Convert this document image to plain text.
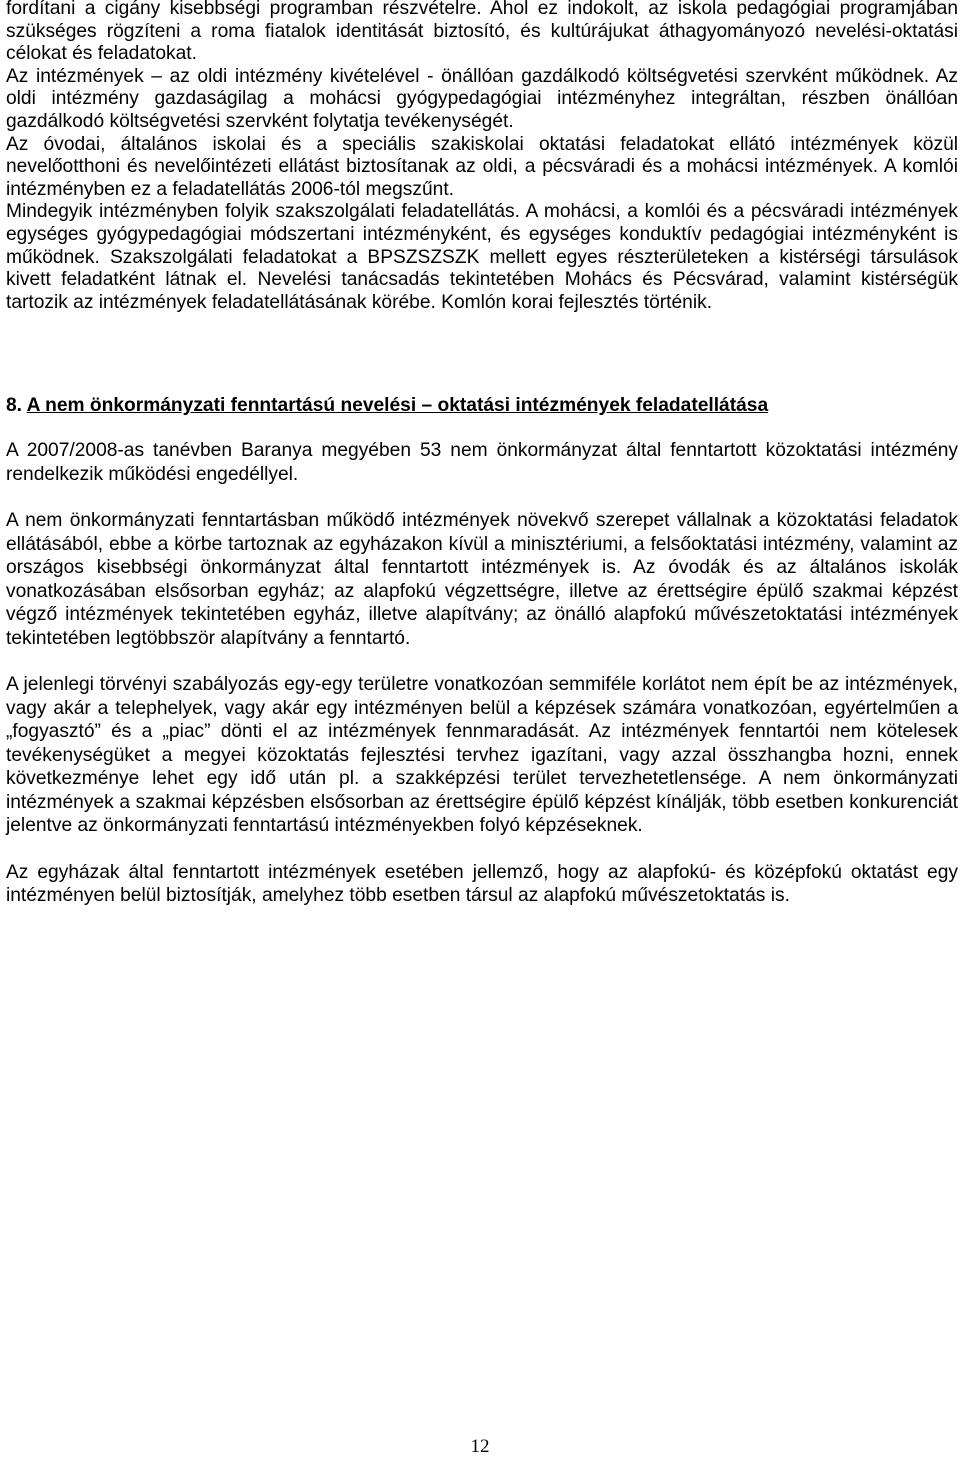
fordítani a cigány kisebbségi programban részvételre. Ahol ez indokolt, az iskola pedagógiai programjában szükséges rögzíteni a roma fiatalok identitását biztosító, és kultúrájukat áthagyományozó nevelési-oktatási célokat és feladatokat.

Az intézmények – az oldi intézmény kivételével - önállóan gazdálkodó költségvetési szervként működnek. Az oldi intézmény gazdaságilag a mohácsi gyógypedagógiai intézményhez integráltan, részben önállóan gazdálkodó költségvetési szervként folytatja tevékenységét.

Az óvodai, általános iskolai és a speciális szakiskolai oktatási feladatokat ellátó intézmények közül nevelőotthoni és nevelőintézeti ellátást biztosítanak az oldi, a pécsváradi és a mohácsi intézmények. A komlói intézményben ez a feladatellátás 2006-tól megszűnt.

Mindegyik intézményben folyik szakszolgálati feladatellátás. A mohácsi, a komlói és a pécsváradi intézmények egységes gyógypedagógiai módszertani intézményként, és egységes konduktív pedagógiai intézményként is működnek. Szakszolgálati feladatokat a BPSZSZSZK mellett egyes részterületeken a kistérségi társulások kivett feladatként látnak el. Nevelési tanácsadás tekintetében Mohács és Pécsvárad, valamint kistérségük tartozik az intézmények feladatellátásának körébe. Komlón korai fejlesztés történik.

8. A nem önkormányzati fenntartású nevelési – oktatási intézmények feladatellátása

A 2007/2008-as tanévben Baranya megyében 53 nem önkormányzat által fenntartott közoktatási intézmény rendelkezik működési engedéllyel.

A nem önkormányzati fenntartásban működő intézmények növekvő szerepet vállalnak a közoktatási feladatok ellátásából, ebbe a körbe tartoznak az egyházakon kívül a minisztériumi, a felsőoktatási intézmény, valamint az országos kisebbségi önkormányzat által fenntartott intézmények is. Az óvodák és az általános iskolák vonatkozásában elsősorban egyház; az alapfokú végzettségre, illetve az érettségire épülő szakmai képzést végző intézmények tekintetében egyház, illetve alapítvány; az önálló alapfokú művészetoktatási intézmények tekintetében legtöbbször alapítvány a fenntartó.

A jelenlegi törvényi szabályozás egy-egy területre vonatkozóan semmiféle korlátot nem épít be az intézmények, vagy akár a telephelyek, vagy akár egy intézményen belül a képzések számára vonatkozóan, egyértelműen a „fogyasztó” és a „piac” dönti el az intézmények fennmaradását. Az intézmények fenntartói nem kötelesek tevékenységüket a megyei közoktatás fejlesztési tervhez igazítani, vagy azzal összhangba hozni, ennek következménye lehet egy idő után pl. a szakképzési terület tervezhetetlensége. A nem önkormányzati intézmények a szakmai képzésben elsősorban az érettségire épülő képzést kínálják, több esetben konkurenciát jelentve az önkormányzati fenntartású intézményekben folyó képzéseknek.

Az egyházak által fenntartott intézmények esetében jellemző, hogy az alapfokú- és középfokú oktatást egy intézményen belül biztosítják, amelyhez több esetben társul az alapfokú művészetoktatás is.

12
